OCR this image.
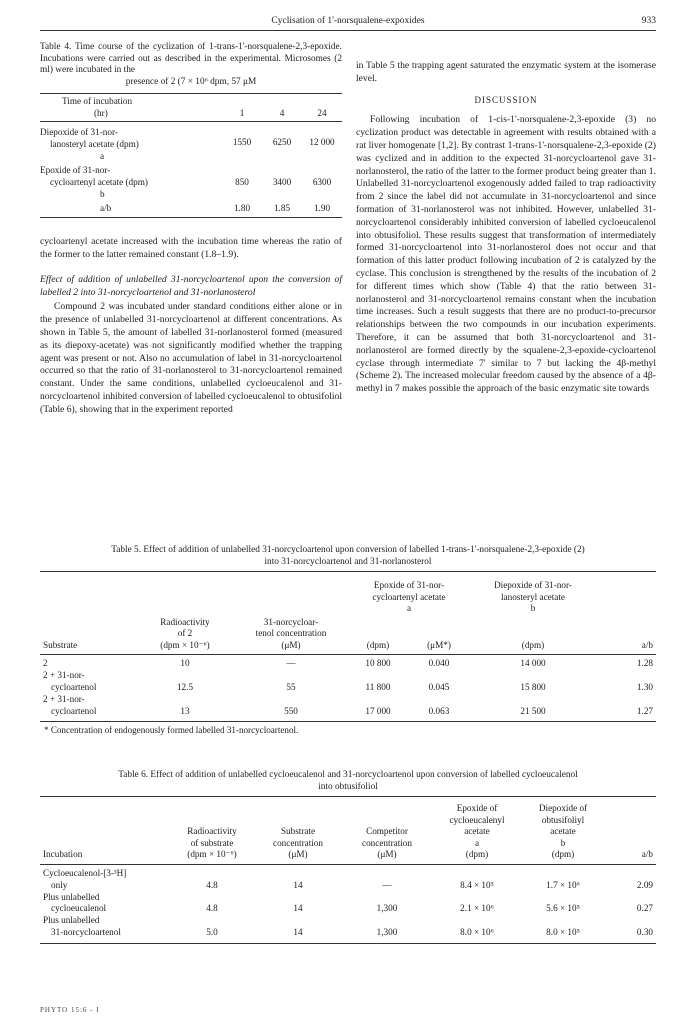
Cyclisation of 1'-norsqualene-expoxides	933
Table 4. Time course of the cyclization of 1-trans-1'-norsqualene-2,3-epoxide. Incubations were carried out as described in the experimental. Microsomes (2 ml) were incubated in the
presence of 2 (7 × 10⁶ dpm, 57 μM
Time of incubation
(hr)	1	4	24
Diepoxide of 31-nor-
lanosteryl acetate (dpm)
a	1550	6250	12 000
Epoxide of 31-nor-
cycloartenyl acetate (dpm)
b	850	3400	6300
a/b	1.80	1.85	1.90

cycloartenyl acetate increased with the incubation time whereas the ratio of the former to the latter remained constant (1.8–1.9).

Effect of addition of unlabelled 31-norcycloartenol upon the conversion of labelled 2 into 31-norcycloartenol and 31-norlanosterol

Compound 2 was incubated under standard conditions either alone or in the presence of unlabelled 31-norcycloartenol at different concentrations. As shown in Table 5, the amount of labelled 31-norlanosterol formed (measured as its diepoxy-acetate) was not significantly modified whether the trapping agent was present or not. Also no accumulation of label in 31-norcycloartenol occurred so that the ratio of 31-norlanosterol to 31-norcycloartenol remained constant. Under the same conditions, unlabelled cycloeucalenol and 31-norcycloartenol inhibited conversion of labelled cycloeucalenol to obtusifoliol (Table 6), showing that in the experiment reported

in Table 5 the trapping agent saturated the enzymatic system at the isomerase level.

DISCUSSION

Following incubation of 1-cis-1'-norsqualene-2,3-epoxide (3) no cyclization product was detectable in agreement with results obtained with a rat liver homogenate [1,2]. By contrast 1-trans-1'-norsqualene-2,3-epoxide (2) was cyclized and in addition to the expected 31-norcycloartenol gave 31-norlanosterol, the ratio of the latter to the former product being greater than 1. Unlabelled 31-norcycloartenol exogenously added failed to trap radioactivity from 2 since the label did not accumulate in 31-norcycloartenol and since formation of 31-norlanosterol was not inhibited. However, unlabelled 31-norcycloartenol considerably inhibited conversion of labelled cycloeucalenol into obtusifoliol. These results suggest that transformation of intermediately formed 31-norcycloartenol into 31-norlanosterol does not occur and that formation of this latter product following incubation of 2 is catalyzed by the cyclase. This conclusion is strengthened by the results of the incubation of 2 for different times which show (Table 4) that the ratio between 31-norlanosterol and 31-norcycloartenol remains constant when the incubation time increases. Such a result suggests that there are no product-to-precursor relationships between the two compounds in our incubation experiments. Therefore, it can be assumed that both 31-norcycloartenol and 31-norlanosterol are formed directly by the squalene-2,3-epoxide-cycloartenol cyclase through intermediate 7' similar to 7 but lacking the 4β-methyl (Scheme 2). The increased molecular freedom caused by the absence of a 4β-methyl in 7 makes possible the approach of the basic enzymatic site towards

Table 5. Effect of addition of unlabelled 31-norcycloartenol upon conversion of labelled 1-trans-1'-norsqualene-2,3-epoxide (2)
into 31-norcycloartenol and 31-norlanosterol
			Epoxide of 31-nor-
cycloartenyl acetate
a		Diepoxide of 31-nor-
lanosteryl acetate
b	
Substrate	Radioactivity
of 2
(dpm × 10⁻⁶)	31-norcycloar-
tenol concentration
(μM)	(dpm)	(μM*)	(dpm)	a/b
2	10	—	10 800	0.040	14 000	1.28
2 + 31-nor-
cycloartenol	12.5	55	11 800	0.045	15 800	1.30
2 + 31-nor-
cycloartenol	13	550	17 000	0.063	21 500	1.27
* Concentration of endogenously formed labelled 31-norcycloartenol.
Table 6. Effect of addition of unlabelled cycloeucalenol and 31-norcycloartenol upon conversion of labelled cycloeucalenol
into obtusifoliol
Incubation	Radioactivity
of substrate
(dpm × 10⁻⁶)	Substrate
concentration
(μM)	Competitor
concentration
(μM)	Epoxide of
cycloeucalenyl
acetate
a
(dpm)	Diepoxide of
obtusifoliyl
acetate
b
(dpm)	a/b
Cycloeucalenol-[3-³H]
only	4.8	14	—	8.4 × 10⁵	1.7 × 10⁶	2.09
Plus unlabelled
cycloeucalenol	4.8	14	1,300	2.1 × 10⁶	5.6 × 10⁵	0.27
Plus unlabelled
31-norcycloartenol	5.0	14	1,300	8.0 × 10⁶	8.0 × 10⁵	0.30
PHYTO 15:6 - I
